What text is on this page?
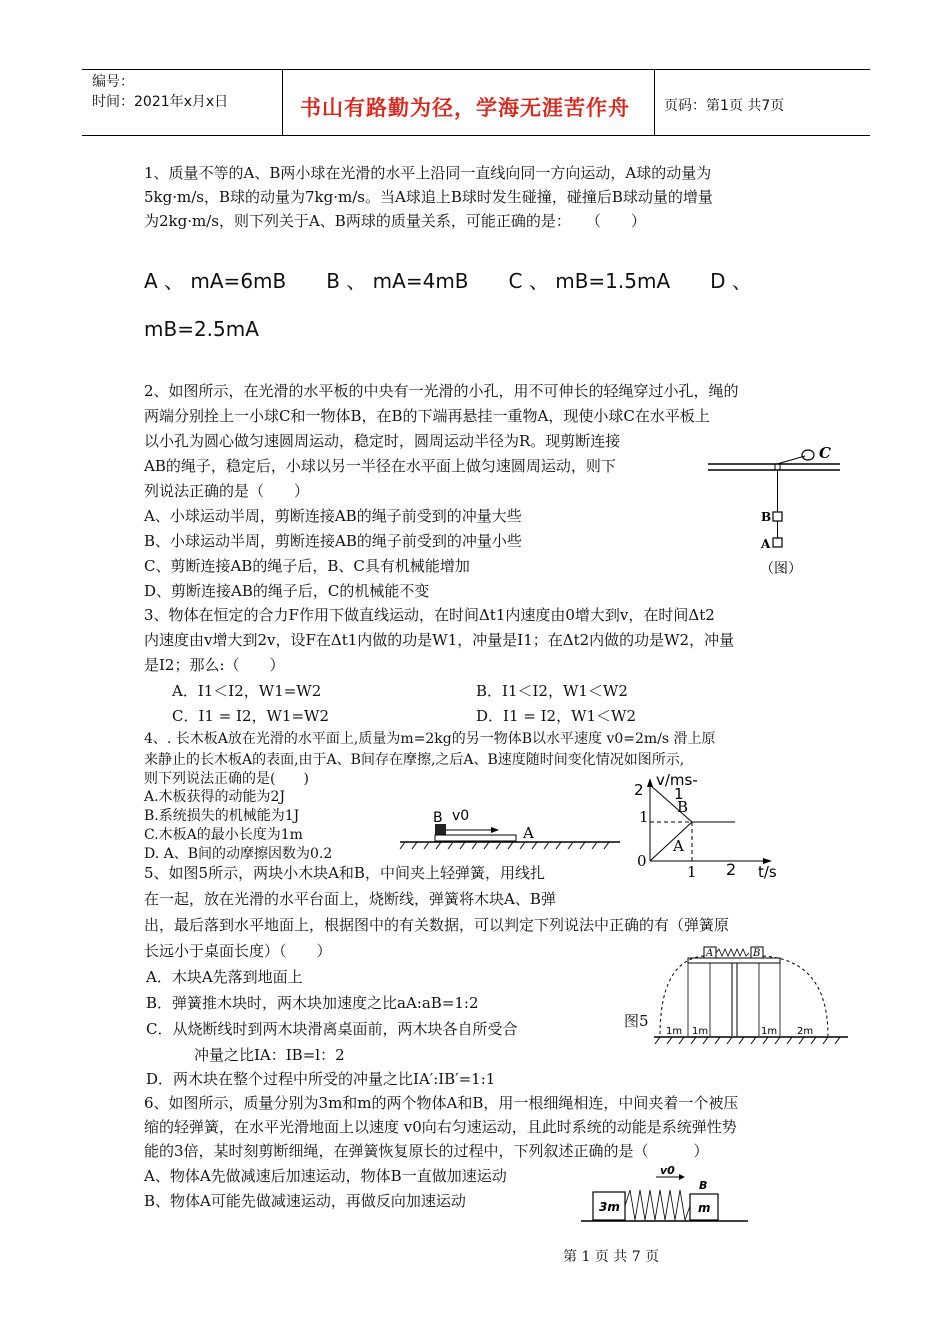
编号：
时间：2021年x月x日	书山有路勤为径，学海无涯苦作舟 页码：第1页 共7页
1、质量不等的A、B两小球在光滑的水平上沿同一直线向同一方向运动，A球的动量为
5kg·m/s，B球的动量为7kg·m/s。当A球追上B球时发生碰撞，碰撞后B球动量的增量
为2kg·m/s，则下列关于A、B两球的质量关系，可能正确的是：　　（　　）
A 、 mA=6mB　　B 、 mA=4mB　　C 、 mB=1.5mA　　D 、
mB=2.5mA
2、如图所示，在光滑的水平板的中央有一光滑的小孔，用不可伸长的轻绳穿过小孔，绳的
两端分别拴上一小球C和一物体B，在B的下端再悬挂一重物A，现使小球C在水平板上
以小孔为圆心做匀速圆周运动，稳定时，圆周运动半径为R。现剪断连接
AB的绳子，稳定后，小球以另一半径在水平面上做匀速圆周运动，则下
列说法正确的是（　　）
A、小球运动半周，剪断连接AB的绳子前受到的冲量大些
B、小球运动半周，剪断连接AB的绳子前受到的冲量小些
C、剪断连接AB的绳子后，B、C具有机械能增加
D、剪断连接AB的绳子后，C的机械能不变
C
B
A
（图）
3、物体在恒定的合力F作用下做直线运动，在时间Δt1内速度由0增大到v，在时间Δt2
内速度由v增大到2v，设F在Δt1内做的功是W1，冲量是I1；在Δt2内做的功是W2，冲量
是I2；那么:（　　）
A．I1＜I2，W1=W2	B．I1＜I2，W1＜W2
C．I1 = I2，W1=W2	D．I1 = I2，W1＜W2
4、. 长木板A放在光滑的水平面上,质量为m=2kg的另一物体B以水平速度 v0=2m/s 滑上原
来静止的长木板A的表面,由于A、B间存在摩擦,之后A、B速度随时间变化情况如图所示,
则下列说法正确的是(　　)
A.木板获得的动能为2J
B.系统损失的机械能为1J
C.木板A的最小长度为1m
D. A、B间的动摩擦因数为0.2
B v0
A
v/ms-
1
2
1
0
1 2 t/s
B
A
5、如图5所示，两块小木块A和B，中间夹上轻弹簧，用线扎
在一起，放在光滑的水平台面上，烧断线，弹簧将木块A、B弹
出，最后落到水平地面上，根据图中的有关数据，可以判定下列说法中正确的有（弹簧原
长远小于桌面长度）（　　）
A．木块A先落到地面上
B．弹簧推木块时，两木块加速度之比aA:aB=1:2
C．从烧断线时到两木块滑离桌面前，两木块各自所受合
冲量之比IA：IB=l：2
D．两木块在整个过程中所受的冲量之比IA′:IB′=1:1
图5
A	B
1m 1m	1m 2m
6、如图所示，质量分别为3m和m的两个物体A和B，用一根细绳相连，中间夹着一个被压
缩的轻弹簧，在水平光滑地面上以速度 v0向右匀速运动，且此时系统的动能是系统弹性势
能的3倍，某时刻剪断细绳，在弹簧恢复原长的过程中，下列叙述正确的是（　　　）
A、物体A先做减速后加速运动，物体B一直做加速运动
B、物体A可能先做减速运动，再做反向加速运动
v0
B
3m	m
第 1 页 共 7 页
